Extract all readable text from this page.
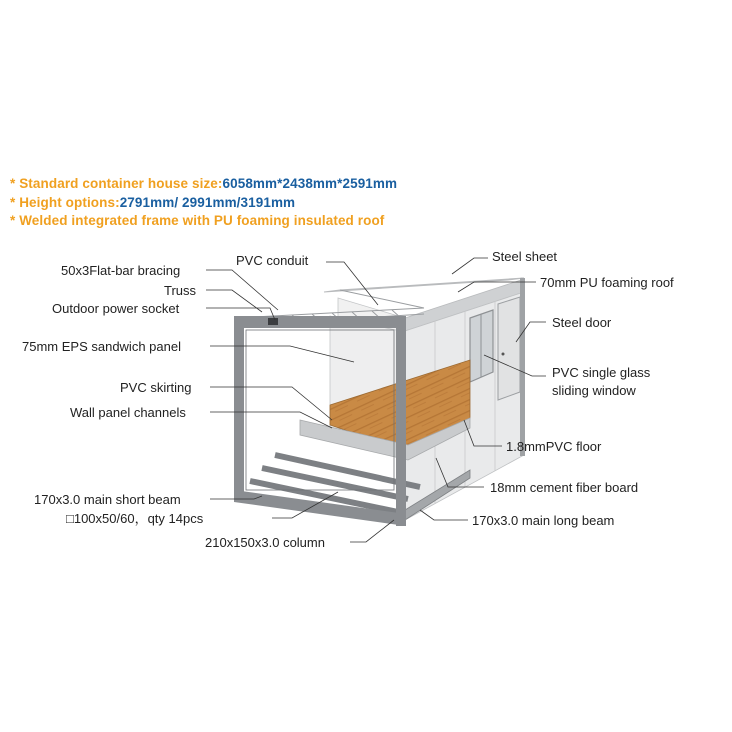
* Standard container house size:6058mm*2438mm*2591mm
* Height options:2791mm/ 2991mm/3191mm
* Welded integrated frame with PU foaming insulated roof
PVC conduit
50x3Flat-bar bracing
Truss
Outdoor power socket
75mm EPS sandwich panel
PVC skirting
Wall panel channels
170x3.0 main short beam
□100x50/60，qty 14pcs
210x150x3.0 column
Steel sheet
70mm PU foaming roof
Steel door
PVC single glass
sliding window
1.8mmPVC floor
18mm cement fiber board
170x3.0 main long beam
